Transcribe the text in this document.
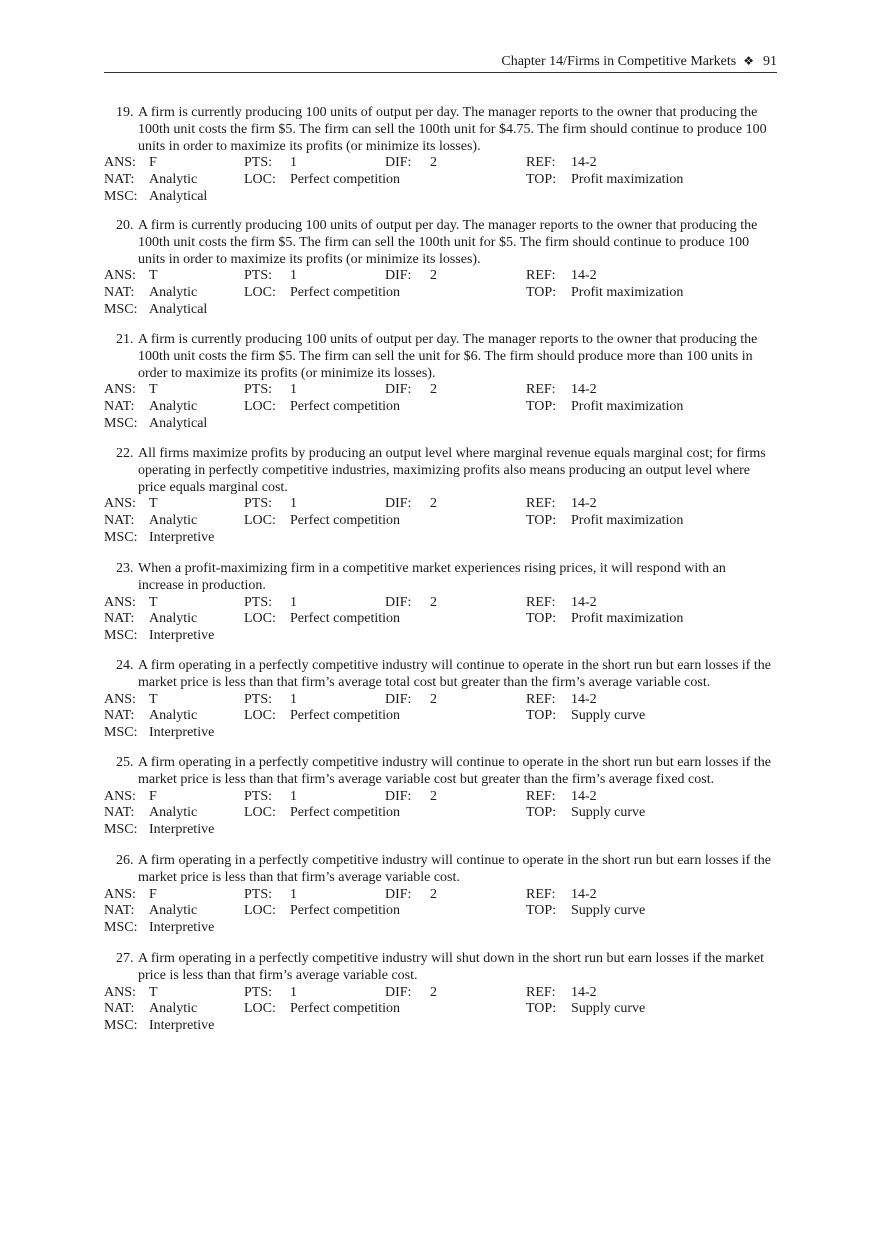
Chapter 14/Firms in Competitive Markets ❖ 91
19. A firm is currently producing 100 units of output per day. The manager reports to the owner that producing the 100th unit costs the firm $5. The firm can sell the 100th unit for $4.75. The firm should continue to produce 100 units in order to maximize its profits (or minimize its losses).
ANS: F	PTS: 1	DIF: 2	REF: 14-2
NAT: Analytic	LOC: Perfect competition	TOP: Profit maximization
MSC: Analytical
20. A firm is currently producing 100 units of output per day. The manager reports to the owner that producing the 100th unit costs the firm $5. The firm can sell the 100th unit for $5. The firm should continue to produce 100 units in order to maximize its profits (or minimize its losses).
ANS: T	PTS: 1	DIF: 2	REF: 14-2
NAT: Analytic	LOC: Perfect competition	TOP: Profit maximization
MSC: Analytical
21. A firm is currently producing 100 units of output per day. The manager reports to the owner that producing the 100th unit costs the firm $5. The firm can sell the unit for $6. The firm should produce more than 100 units in order to maximize its profits (or minimize its losses).
ANS: T	PTS: 1	DIF: 2	REF: 14-2
NAT: Analytic	LOC: Perfect competition	TOP: Profit maximization
MSC: Analytical
22. All firms maximize profits by producing an output level where marginal revenue equals marginal cost; for firms operating in perfectly competitive industries, maximizing profits also means producing an output level where price equals marginal cost.
ANS: T	PTS: 1	DIF: 2	REF: 14-2
NAT: Analytic	LOC: Perfect competition	TOP: Profit maximization
MSC: Interpretive
23. When a profit-maximizing firm in a competitive market experiences rising prices, it will respond with an increase in production.
ANS: T	PTS: 1	DIF: 2	REF: 14-2
NAT: Analytic	LOC: Perfect competition	TOP: Profit maximization
MSC: Interpretive
24. A firm operating in a perfectly competitive industry will continue to operate in the short run but earn losses if the market price is less than that firm’s average total cost but greater than the firm’s average variable cost.
ANS: T	PTS: 1	DIF: 2	REF: 14-2
NAT: Analytic	LOC: Perfect competition	TOP: Supply curve
MSC: Interpretive
25. A firm operating in a perfectly competitive industry will continue to operate in the short run but earn losses if the market price is less than that firm’s average variable cost but greater than the firm’s average fixed cost.
ANS: F	PTS: 1	DIF: 2	REF: 14-2
NAT: Analytic	LOC: Perfect competition	TOP: Supply curve
MSC: Interpretive
26. A firm operating in a perfectly competitive industry will continue to operate in the short run but earn losses if the market price is less than that firm’s average variable cost.
ANS: F	PTS: 1	DIF: 2	REF: 14-2
NAT: Analytic	LOC: Perfect competition	TOP: Supply curve
MSC: Interpretive
27. A firm operating in a perfectly competitive industry will shut down in the short run but earn losses if the market price is less than that firm’s average variable cost.
ANS: T	PTS: 1	DIF: 2	REF: 14-2
NAT: Analytic	LOC: Perfect competition	TOP: Supply curve
MSC: Interpretive
